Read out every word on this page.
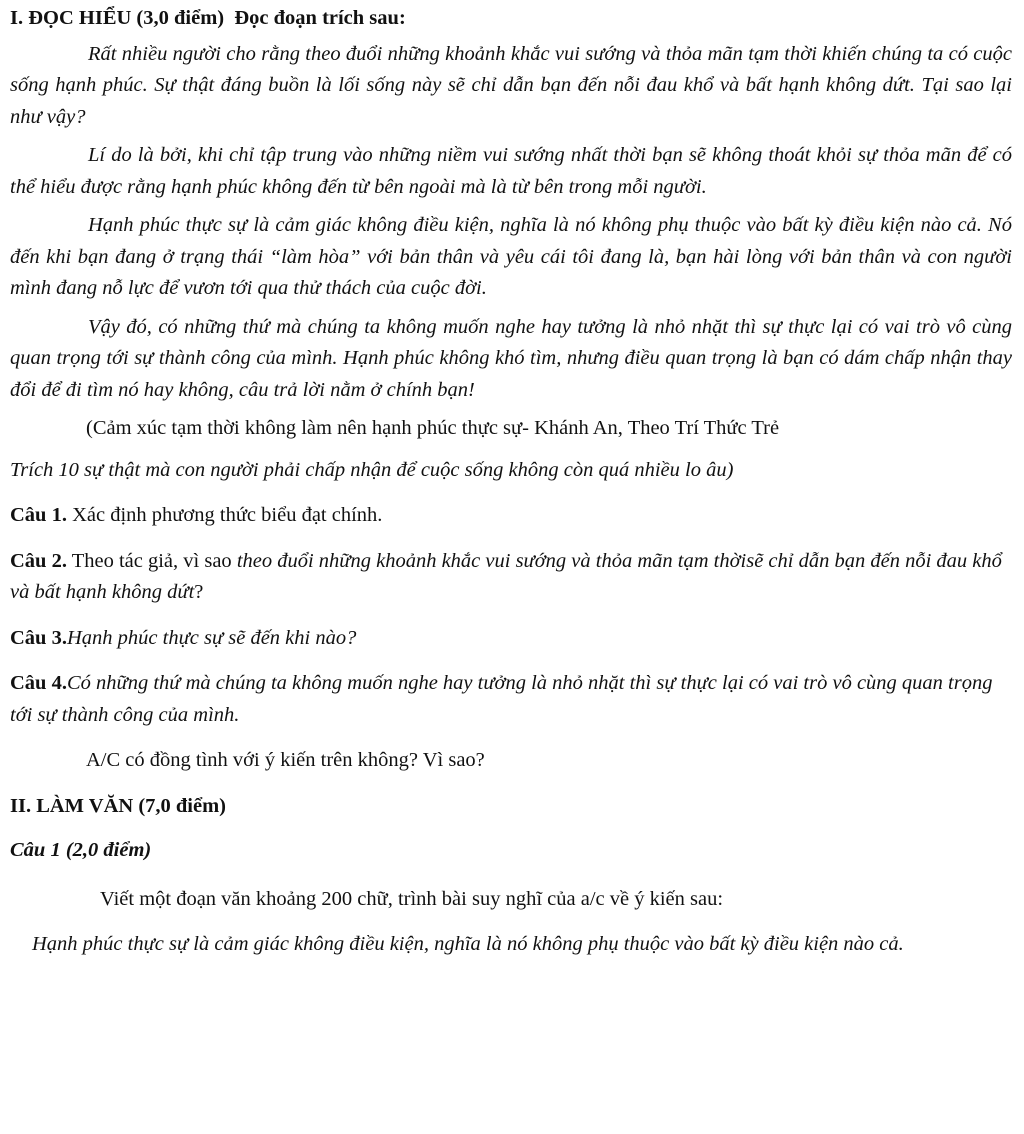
I. ĐỌC HIỂU (3,0 điểm) Đọc đoạn trích sau:

Rất nhiều người cho rằng theo đuổi những khoảnh khắc vui sướng và thỏa mãn tạm thời khiến chúng ta có cuộc sống hạnh phúc. Sự thật đáng buồn là lối sống này sẽ chỉ dẫn bạn đến nỗi đau khổ và bất hạnh không dứt. Tại sao lại như vậy?

Lí do là bởi, khi chỉ tập trung vào những niềm vui sướng nhất thời bạn sẽ không thoát khỏi sự thỏa mãn để có thể hiểu được rằng hạnh phúc không đến từ bên ngoài mà là từ bên trong mỗi người.

Hạnh phúc thực sự là cảm giác không điều kiện, nghĩa là nó không phụ thuộc vào bất kỳ điều kiện nào cả. Nó đến khi bạn đang ở trạng thái “làm hòa” với bản thân và yêu cái tôi đang là, bạn hài lòng với bản thân và con người mình đang nỗ lực để vươn tới qua thử thách của cuộc đời.

Vậy đó, có những thứ mà chúng ta không muốn nghe hay tưởng là nhỏ nhặt thì sự thực lại có vai trò vô cùng quan trọng tới sự thành công của mình. Hạnh phúc không khó tìm, nhưng điều quan trọng là bạn có dám chấp nhận thay đổi để đi tìm nó hay không, câu trả lời nằm ở chính bạn!

(Cảm xúc tạm thời không làm nên hạnh phúc thực sự- Khánh An, Theo Trí Thức Trẻ

Trích 10 sự thật mà con người phải chấp nhận để cuộc sống không còn quá nhiều lo âu)

Câu 1. Xác định phương thức biểu đạt chính.

Câu 2. Theo tác giả, vì sao theo đuổi những khoảnh khắc vui sướng và thỏa mãn tạm thờisẽ chỉ dẫn bạn đến nỗi đau khổ và bất hạnh không dứt?

Câu 3.Hạnh phúc thực sự sẽ đến khi nào?

Câu 4.Có những thứ mà chúng ta không muốn nghe hay tưởng là nhỏ nhặt thì sự thực lại có vai trò vô cùng quan trọng tới sự thành công của mình.

A/C có đồng tình với ý kiến trên không? Vì sao?

II. LÀM VĂN (7,0 điểm)

Câu 1 (2,0 điểm)

Viết một đoạn văn khoảng 200 chữ, trình bài suy nghĩ của a/c về ý kiến sau:

Hạnh phúc thực sự là cảm giác không điều kiện, nghĩa là nó không phụ thuộc vào bất kỳ điều kiện nào cả.
